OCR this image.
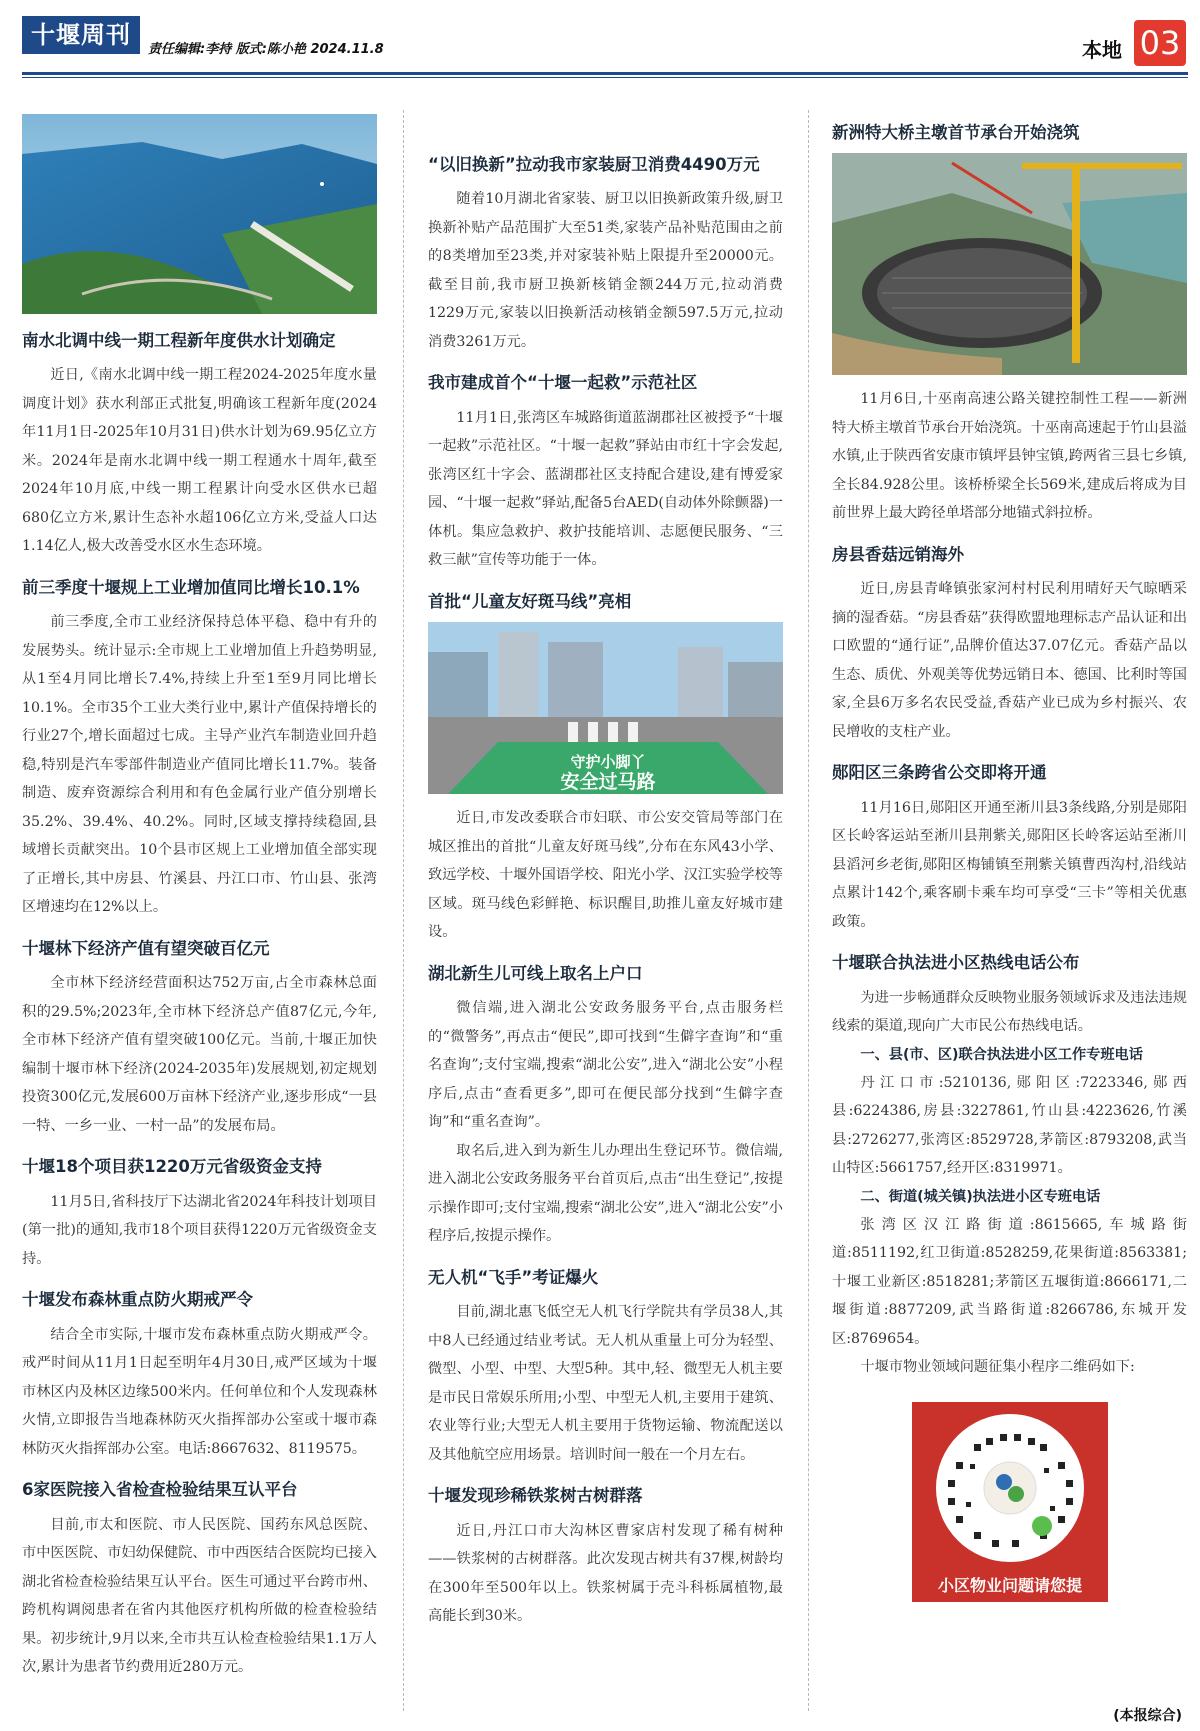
十堰周刊
责任编辑:李持 版式:陈小艳 2024.11.8	本地 03
南水北调中线一期工程新年度供水计划确定

近日,《南水北调中线一期工程2024-2025年度水量调度计划》获水利部正式批复,明确该工程新年度(2024年11月1日-2025年10月31日)供水计划为69.95亿立方米。2024年是南水北调中线一期工程通水十周年,截至2024年10月底,中线一期工程累计向受水区供水已超680亿立方米,累计生态补水超106亿立方米,受益人口达1.14亿人,极大改善受水区水生态环境。

前三季度十堰规上工业增加值同比增长10.1%

前三季度,全市工业经济保持总体平稳、稳中有升的发展势头。统计显示:全市规上工业增加值上升趋势明显,从1至4月同比增长7.4%,持续上升至1至9月同比增长10.1%。全市35个工业大类行业中,累计产值保持增长的行业27个,增长面超过七成。主导产业汽车制造业回升趋稳,特别是汽车零部件制造业产值同比增长11.7%。装备制造、废弃资源综合利用和有色金属行业产值分别增长35.2%、39.4%、40.2%。同时,区域支撑持续稳固,县域增长贡献突出。10个县市区规上工业增加值全部实现了正增长,其中房县、竹溪县、丹江口市、竹山县、张湾区增速均在12%以上。

十堰林下经济产值有望突破百亿元

全市林下经济经营面积达752万亩,占全市森林总面积的29.5%;2023年,全市林下经济总产值87亿元,今年,全市林下经济产值有望突破100亿元。当前,十堰正加快编制十堰市林下经济(2024-2035年)发展规划,初定规划投资300亿元,发展600万亩林下经济产业,逐步形成“一县一特、一乡一业、一村一品”的发展布局。

十堰18个项目获1220万元省级资金支持

11月5日,省科技厅下达湖北省2024年科技计划项目(第一批)的通知,我市18个项目获得1220万元省级资金支持。

十堰发布森林重点防火期戒严令

结合全市实际,十堰市发布森林重点防火期戒严令。戒严时间从11月1日起至明年4月30日,戒严区域为十堰市林区内及林区边缘500米内。任何单位和个人发现森林火情,立即报告当地森林防灭火指挥部办公室或十堰市森林防灭火指挥部办公室。电话:8667632、8119575。

6家医院接入省检查检验结果互认平台

目前,市太和医院、市人民医院、国药东风总医院、市中医医院、市妇幼保健院、市中西医结合医院均已接入湖北省检查检验结果互认平台。医生可通过平台跨市州、跨机构调阅患者在省内其他医疗机构所做的检查检验结果。初步统计,9月以来,全市共互认检查检验结果1.1万人次,累计为患者节约费用近280万元。

“以旧换新”拉动我市家装厨卫消费4490万元

随着10月湖北省家装、厨卫以旧换新政策升级,厨卫换新补贴产品范围扩大至51类,家装产品补贴范围由之前的8类增加至23类,并对家装补贴上限提升至20000元。截至目前,我市厨卫换新核销金额244万元,拉动消费1229万元,家装以旧换新活动核销金额597.5万元,拉动消费3261万元。

我市建成首个“十堰一起救”示范社区

11月1日,张湾区车城路街道蓝湖郡社区被授予“十堰一起救”示范社区。“十堰一起救”驿站由市红十字会发起,张湾区红十字会、蓝湖郡社区支持配合建设,建有博爱家园、“十堰一起救”驿站,配备5台AED(自动体外除颤器)一体机。集应急救护、救护技能培训、志愿便民服务、“三救三献”宣传等功能于一体。

首批“儿童友好斑马线”亮相
守护小脚丫
安全过马路

近日,市发改委联合市妇联、市公安交管局等部门在城区推出的首批“儿童友好斑马线”,分布在东风43小学、致远学校、十堰外国语学校、阳光小学、汉江实验学校等区域。斑马线色彩鲜艳、标识醒目,助推儿童友好城市建设。

湖北新生儿可线上取名上户口

微信端,进入湖北公安政务服务平台,点击服务栏的“微警务”,再点击“便民”,即可找到“生僻字查询”和“重名查询”;支付宝端,搜索“湖北公安”,进入“湖北公安”小程序后,点击“查看更多”,即可在便民部分找到“生僻字查询”和“重名查询”。

取名后,进入到为新生儿办理出生登记环节。微信端,进入湖北公安政务服务平台首页后,点击“出生登记”,按提示操作即可;支付宝端,搜索“湖北公安”,进入“湖北公安”小程序后,按提示操作。

无人机“飞手”考证爆火

目前,湖北惠飞低空无人机飞行学院共有学员38人,其中8人已经通过结业考试。无人机从重量上可分为轻型、微型、小型、中型、大型5种。其中,轻、微型无人机主要是市民日常娱乐所用;小型、中型无人机,主要用于建筑、农业等行业;大型无人机主要用于货物运输、物流配送以及其他航空应用场景。培训时间一般在一个月左右。

十堰发现珍稀铁浆树古树群落

近日,丹江口市大沟林区曹家店村发现了稀有树种——铁浆树的古树群落。此次发现古树共有37棵,树龄均在300年至500年以上。铁浆树属于壳斗科栎属植物,最高能长到30米。

新洲特大桥主墩首节承台开始浇筑

11月6日,十巫南高速公路关键控制性工程——新洲特大桥主墩首节承台开始浇筑。十巫南高速起于竹山县溢水镇,止于陕西省安康市镇坪县钟宝镇,跨两省三县七乡镇,全长84.928公里。该桥桥梁全长569米,建成后将成为目前世界上最大跨径单塔部分地锚式斜拉桥。

房县香菇远销海外

近日,房县青峰镇张家河村村民利用晴好天气晾晒采摘的湿香菇。“房县香菇”获得欧盟地理标志产品认证和出口欧盟的“通行证”,品牌价值达37.07亿元。香菇产品以生态、质优、外观美等优势远销日本、德国、比利时等国家,全县6万多名农民受益,香菇产业已成为乡村振兴、农民增收的支柱产业。

郧阳区三条跨省公交即将开通

11月16日,郧阳区开通至淅川县3条线路,分别是郧阳区长岭客运站至淅川县荆紫关,郧阳区长岭客运站至淅川县滔河乡老街,郧阳区梅铺镇至荆紫关镇曹西沟村,沿线站点累计142个,乘客刷卡乘车均可享受“三卡”等相关优惠政策。

十堰联合执法进小区热线电话公布

为进一步畅通群众反映物业服务领域诉求及违法违规线索的渠道,现向广大市民公布热线电话。

一、县(市、区)联合执法进小区工作专班电话

丹江口市:5210136,郧阳区:7223346,郧西县:6224386,房县:3227861,竹山县:4223626,竹溪县:2726277,张湾区:8529728,茅箭区:8793208,武当山特区:5661757,经开区:8319971。

二、街道(城关镇)执法进小区专班电话

张湾区汉江路街道:8615665,车城路街道:8511192,红卫街道:8528259,花果街道:8563381;十堰工业新区:8518281;茅箭区五堰街道:8666171,二堰街道:8877209,武当路街道:8266786,东城开发区:8769654。

十堰市物业领域问题征集小程序二维码如下:

小区物业问题请您提
(本报综合)
